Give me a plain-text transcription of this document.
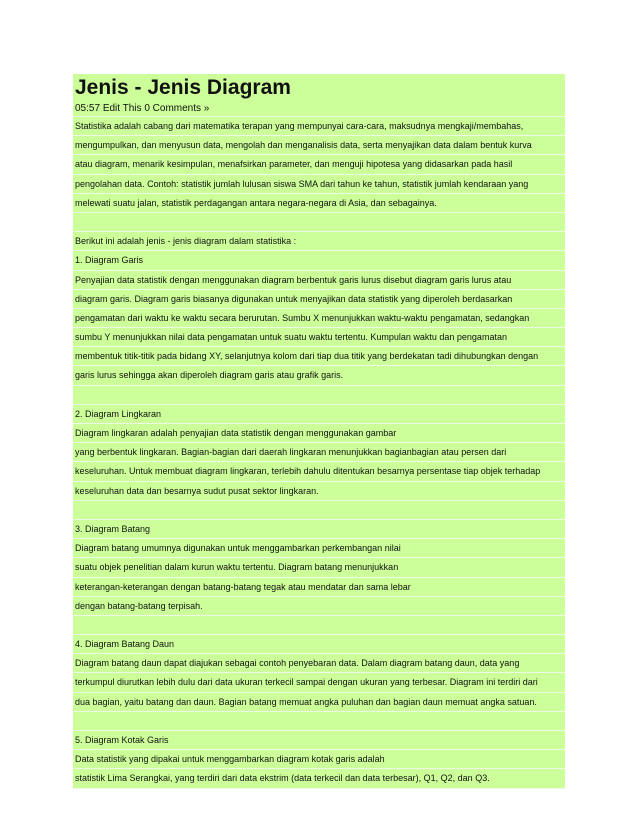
Jenis - Jenis Diagram
05:57 Edit This 0 Comments »
Statistika adalah cabang dari matematika terapan yang mempunyai cara-cara, maksudnya mengkaji/membahas,
mengumpulkan, dan menyusun data, mengolah dan menganalisis data, serta menyajikan data dalam bentuk kurva
atau diagram, menarik kesimpulan, menafsirkan parameter, dan menguji hipotesa yang didasarkan pada hasil
pengolahan data. Contoh: statistik jumlah lulusan siswa SMA dari tahun ke tahun, statistik jumlah kendaraan yang
melewati suatu jalan, statistik perdagangan antara negara-negara di Asia, dan sebagainya.
Berikut ini adalah jenis - jenis diagram dalam statistika :
1. Diagram Garis
Penyajian data statistik dengan menggunakan diagram berbentuk garis lurus disebut diagram garis lurus atau
diagram garis. Diagram garis biasanya digunakan untuk menyajikan data statistik yang diperoleh berdasarkan
pengamatan dari waktu ke waktu secara berurutan. Sumbu X menunjukkan waktu-waktu pengamatan, sedangkan
sumbu Y menunjukkan nilai data pengamatan untuk suatu waktu tertentu. Kumpulan waktu dan pengamatan
membentuk titik-titik pada bidang XY, selanjutnya kolom dari tiap dua titik yang berdekatan tadi dihubungkan dengan
garis lurus sehingga akan diperoleh diagram garis atau grafik garis.
2. Diagram Lingkaran
Diagram lingkaran adalah penyajian data statistik dengan menggunakan gambar
yang berbentuk lingkaran. Bagian-bagian dari daerah lingkaran menunjukkan bagianbagian atau persen dari
keseluruhan. Untuk membuat diagram lingkaran, terlebih dahulu ditentukan besarnya persentase tiap objek terhadap
keseluruhan data dan besarnya sudut pusat sektor lingkaran.
3. Diagram Batang
Diagram batang umumnya digunakan untuk menggambarkan perkembangan nilai
suatu objek penelitian dalam kurun waktu tertentu. Diagram batang menunjukkan
keterangan-keterangan dengan batang-batang tegak atau mendatar dan sama lebar
dengan batang-batang terpisah.
4. Diagram Batang Daun
Diagram batang daun dapat diajukan sebagai contoh penyebaran data. Dalam diagram batang daun, data yang
terkumpul diurutkan lebih dulu dari data ukuran terkecil sampai dengan ukuran yang terbesar. Diagram ini terdiri dari
dua bagian, yaitu batang dan daun. Bagian batang memuat angka puluhan dan bagian daun memuat angka satuan.
5. Diagram Kotak Garis
Data statistik yang dipakai untuk menggambarkan diagram kotak garis adalah
statistik Lima Serangkai, yang terdiri dari data ekstrim (data terkecil dan data terbesar), Q1, Q2, dan Q3.
